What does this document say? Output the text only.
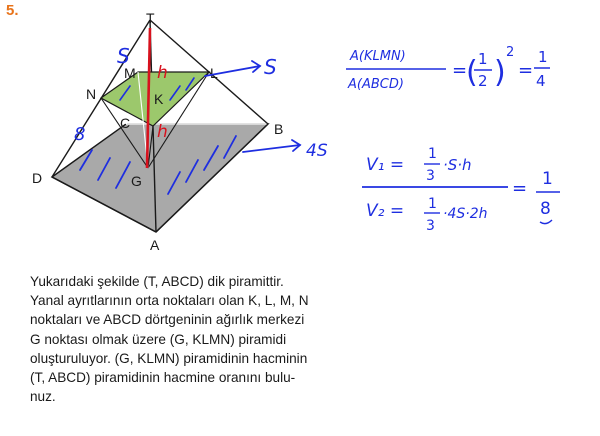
5.
h
h
T
N
M	L
K
C	B
D	G
A
S
8
S
4S
A(KLMN)
A(ABCD)
=
( 1
2 )
2
=
1
4
V₁ =
1
3
·S·h
V₂ = 1
3
·4S·2h
= 1
8
Yukarıdaki şekilde (T, ABCD) dik piramittir.
Yanal ayrıtlarının orta noktaları olan K, L, M, N
noktaları ve ABCD dörtgeninin ağırlık merkezi
G noktası olmak üzere (G, KLMN) piramidi
oluşturuluyor. (G, KLMN) piramidinin hacminin
(T, ABCD) piramidinin hacmine oranını bulu-
nuz.
